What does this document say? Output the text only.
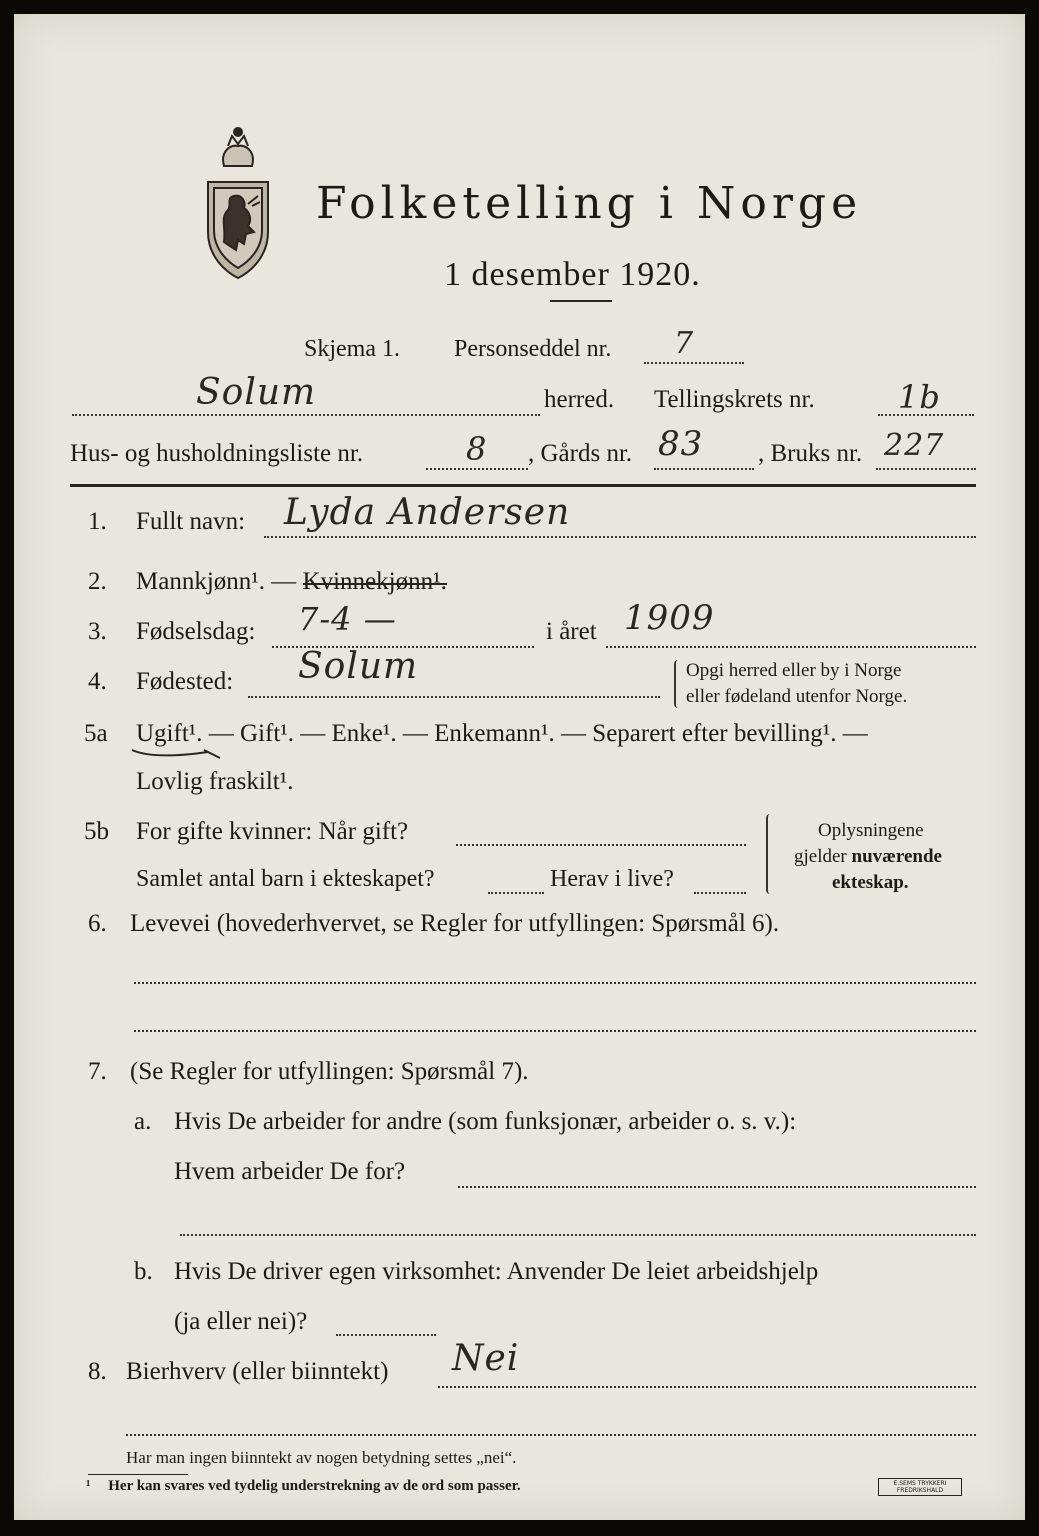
Folketelling i Norge
1 desember 1920.
Skjema 1. Personseddel nr. 7
Solum	herred. Tellingskrets nr.	1b
Hus- og husholdningsliste nr.	8 , Gårds nr. 83 , Bruks nr. 227
1. Fullt navn: Lyda Andersen
2. Mannkjønn¹. — Kvinnekjønn¹.
3. Fødselsdag: 7-4 —	i året 1909
4. Fødested: Solum	Opgi herred eller by i Norge
eller fødeland utenfor Norge.
5a Ugift¹. — Gift¹. — Enke¹. — Enkemann¹. — Separert efter bevilling¹. —
Lovlig fraskilt¹.
5b For gifte kvinner: Når gift?
Samlet antal barn i ekteskapet?	Herav i live?
Oplysningene
gjelder nuværende
ekteskap.
6. Levevei (hovederhvervet, se Regler for utfyllingen: Spørsmål 6).
7. (Se Regler for utfyllingen: Spørsmål 7).
a. Hvis De arbeider for andre (som funksjonær, arbeider o. s. v.):
Hvem arbeider De for?
b. Hvis De driver egen virksomhet: Anvender De leiet arbeidshjelp
(ja eller nei)?
8. Bierhverv (eller biinntekt) Nei
Har man ingen biinntekt av nogen betydning settes „nei“.
¹ Her kan svares ved tydelig understrekning av de ord som passer.	E.SEMS TRYKKERI
FREDRIKSHALD
